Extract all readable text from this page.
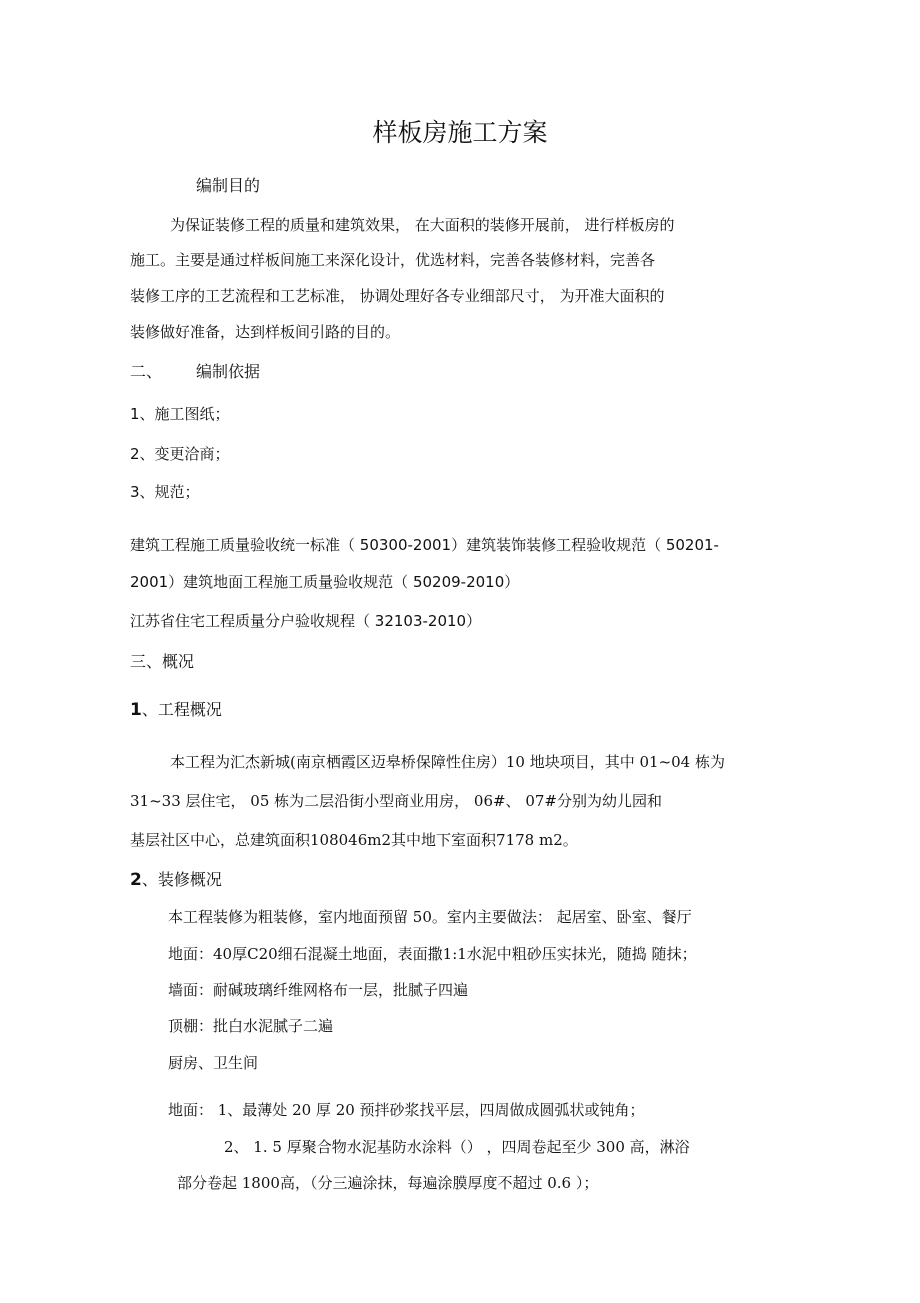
样板房施工方案
编制目的
为保证装修工程的质量和建筑效果， 在大面积的装修开展前， 进行样板房的
施工。主要是通过样板间施工来深化设计，优选材料，完善各装修材料，完善各
装修工序的工艺流程和工艺标准， 协调处理好各专业细部尺寸， 为开准大面积的
装修做好准备，达到样板间引路的目的。
二、 编制依据
1、施工图纸；
2、变更洽商；
3、规范；
建筑工程施工质量验收统一标准（ 50300-2001）建筑装饰装修工程验收规范（ 50201-
2001）建筑地面工程施工质量验收规范（ 50209-2010）
江苏省住宅工程质量分户验收规程（ 32103-2010）
三、概况
1、工程概况
本工程为汇杰新城(南京栖霞区迈皋桥保障性住房）10 地块项目，其中 01~04 栋为
31~33 层住宅， 05 栋为二层沿街小型商业用房， 06#、 07#分别为幼儿园和
基层社区中心，总建筑面积108046m2其中地下室面积7178 m2。
2、装修概况
本工程装修为粗装修，室内地面预留 50。室内主要做法： 起居室、卧室、餐厅
地面：40厚C20细石混凝土地面，表面撒1:1水泥中粗砂压实抹光，随捣 随抹；
墙面：耐碱玻璃纤维网格布一层，批腻子四遍
顶棚：批白水泥腻子二遍
厨房、卫生间
地面： 1、最薄处 20 厚 20 预拌砂浆找平层，四周做成圆弧状或钝角；
2、 1. 5 厚聚合物水泥基防水涂料（） ，四周卷起至少 300 高，淋浴
部分卷起 1800高，（分三遍涂抹，每遍涂膜厚度不超过 0.6 ）；
